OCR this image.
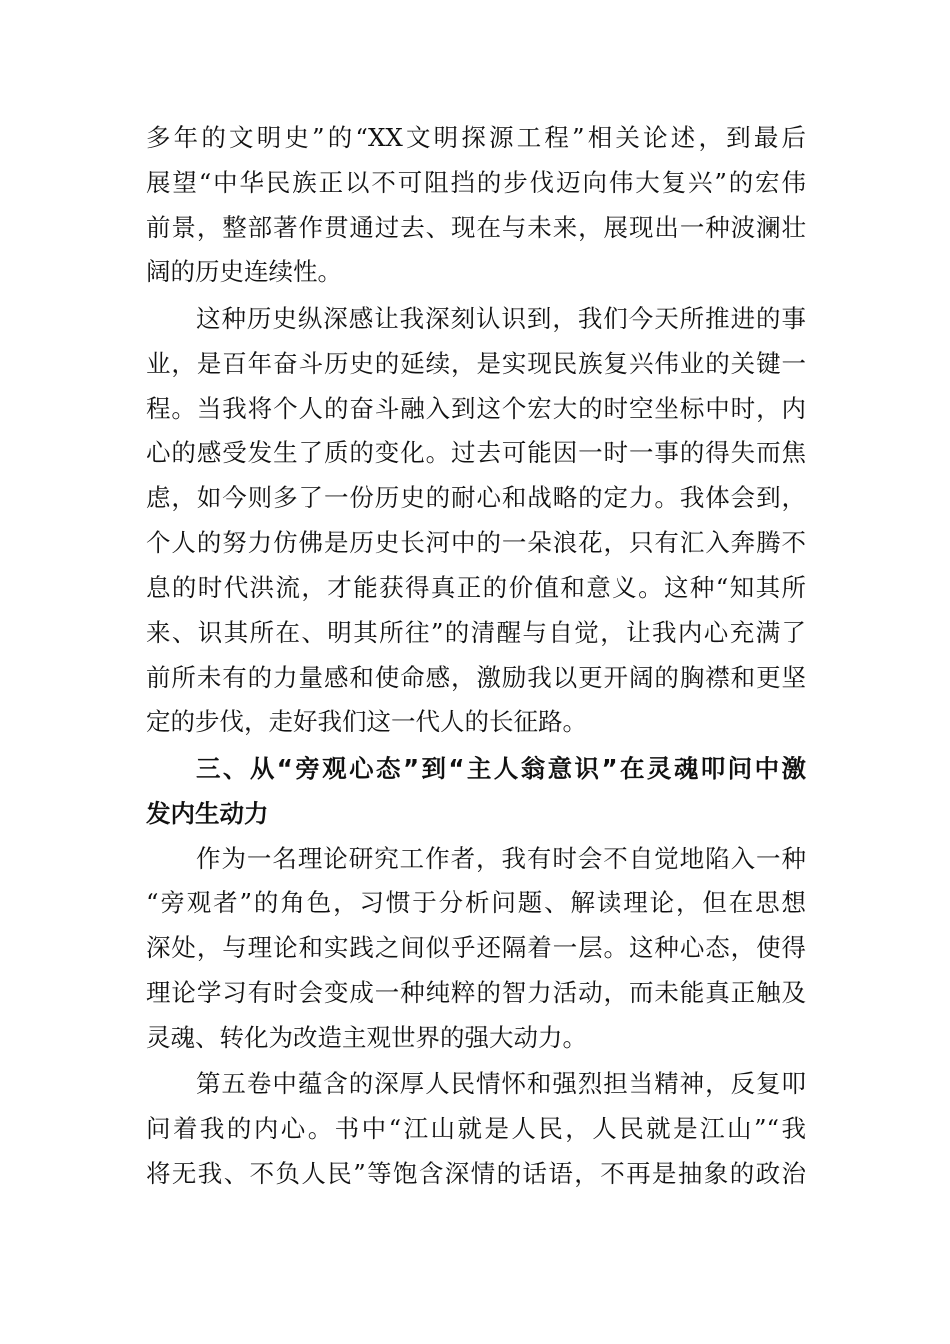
多年的文明史”的“XX文明探源工程”相关论述，到最后
展望“中华民族正以不可阻挡的步伐迈向伟大复兴”的宏伟
前景，整部著作贯通过去、现在与未来，展现出一种波澜壮
阔的历史连续性。
这种历史纵深感让我深刻认识到，我们今天所推进的事
业，是百年奋斗历史的延续，是实现民族复兴伟业的关键一
程。当我将个人的奋斗融入到这个宏大的时空坐标中时，内
心的感受发生了质的变化。过去可能因一时一事的得失而焦
虑，如今则多了一份历史的耐心和战略的定力。我体会到，
个人的努力仿佛是历史长河中的一朵浪花，只有汇入奔腾不
息的时代洪流，才能获得真正的价值和意义。这种“知其所
来、识其所在、明其所往”的清醒与自觉，让我内心充满了
前所未有的力量感和使命感，激励我以更开阔的胸襟和更坚
定的步伐，走好我们这一代人的长征路。
三、从“旁观心态”到“主人翁意识”在灵魂叩问中激
发内生动力
作为一名理论研究工作者，我有时会不自觉地陷入一种
“旁观者”的角色，习惯于分析问题、解读理论，但在思想
深处，与理论和实践之间似乎还隔着一层。这种心态，使得
理论学习有时会变成一种纯粹的智力活动，而未能真正触及
灵魂、转化为改造主观世界的强大动力。
第五卷中蕴含的深厚人民情怀和强烈担当精神，反复叩
问着我的内心。书中“江山就是人民，人民就是江山”“我
将无我、不负人民”等饱含深情的话语，不再是抽象的政治
